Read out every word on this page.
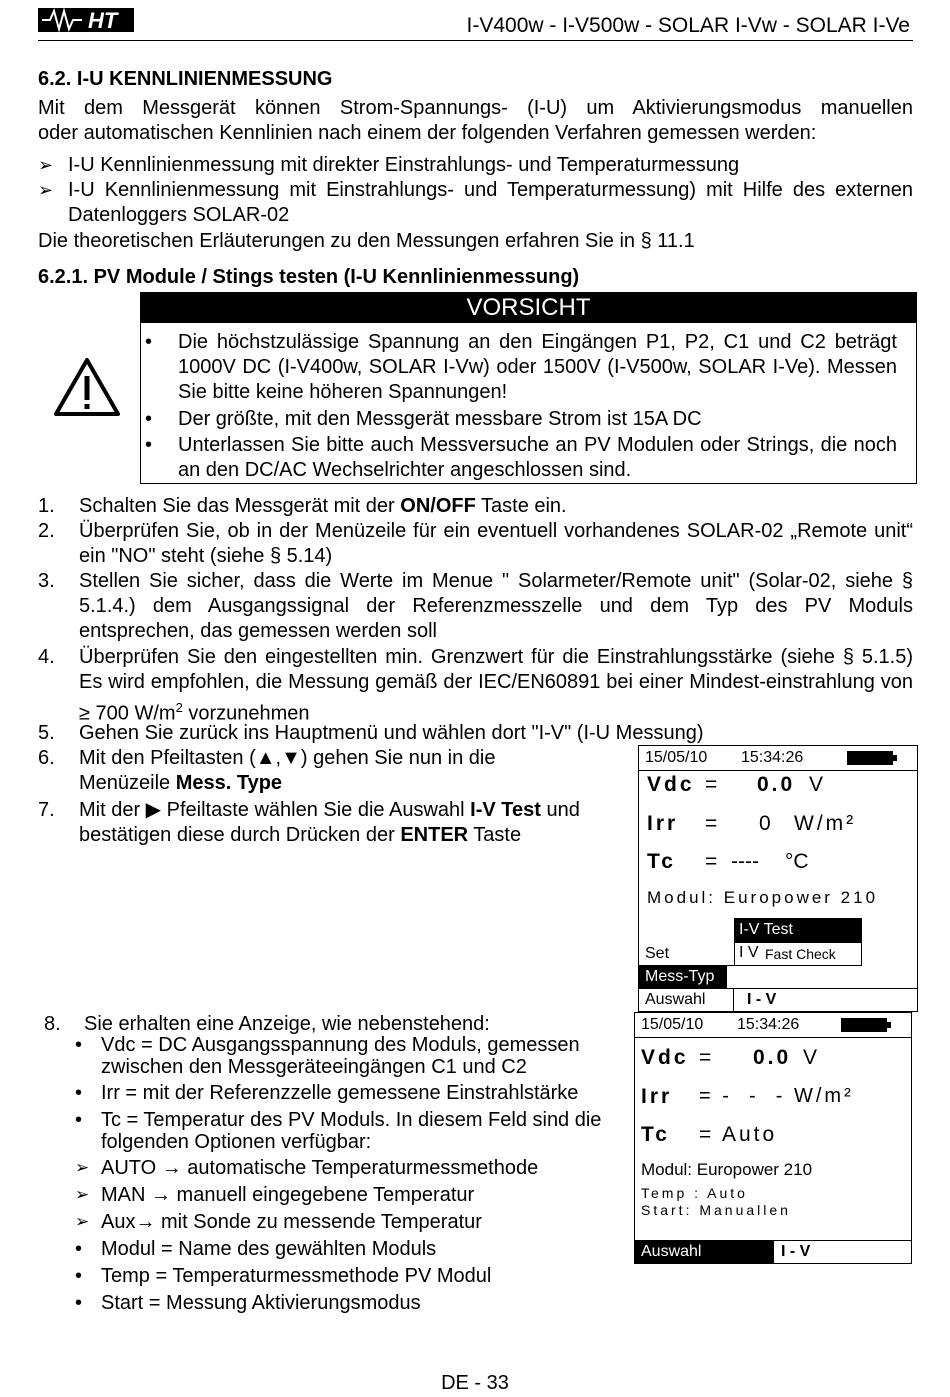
HT	I-V400w - I-V500w - SOLAR I-Vw - SOLAR I-Ve
6.2. I-U KENNLINIENMESSUNG
Mit dem Messgerät können Strom-Spannungs- (I-U) um Aktivierungsmodus manuellen
oder automatischen Kennlinien nach einem der folgenden Verfahren gemessen werden:
➢ I-U Kennlinienmessung mit direkter Einstrahlungs- und Temperaturmessung
➢ I-U Kennlinienmessung mit Einstrahlungs- und Temperaturmessung) mit Hilfe des externen Datenloggers SOLAR-02
Die theoretischen Erläuterungen zu den Messungen erfahren Sie in § 11.1
6.2.1. PV Module / Stings testen (I-U Kennlinienmessung)
VORSICHT
• Die höchstzulässige Spannung an den Eingängen P1, P2, C1 und C2 beträgt 1000V DC (I-V400w, SOLAR I-Vw) oder 1500V (I-V500w, SOLAR I-Ve). Messen Sie bitte keine höheren Spannungen!
• Der größte, mit den Messgerät messbare Strom ist 15A DC
• Unterlassen Sie bitte auch Messversuche an PV Modulen oder Strings, die noch an den DC/AC Wechselrichter angeschlossen sind.
1. Schalten Sie das Messgerät mit der ON/OFF Taste ein.
2. Überprüfen Sie, ob in der Menüzeile für ein eventuell vorhandenes SOLAR-02 „Remote unit“ ein "NO" steht (siehe § 5.14)
3. Stellen Sie sicher, dass die Werte im Menue " Solarmeter/Remote unit" (Solar-02, siehe § 5.1.4.) dem Ausgangssignal der Referenzmesszelle und dem Typ des PV Moduls entsprechen, das gemessen werden soll
4. Überprüfen Sie den eingestellten min. Grenzwert für die Einstrahlungsstärke (siehe § 5.1.5) Es wird empfohlen, die Messung gemäß der IEC/EN60891 bei einer Mindest-einstrahlung von ≥ 700 $W/m^2$ vorzunehmen
5. Gehen Sie zurück ins Hauptmenü und wählen dort "I-V" (I-U Messung)
6. Mit den Pfeiltasten (▲,▼) gehen Sie nun in die
Menüzeile Mess. Type
7. Mit der ▶ Pfeiltaste wählen Sie die Auswahl I-V Test und
bestätigen diese durch Drücken der ENTER Taste
15/05/10 15:34:26
Vdc = 0.0 V
Irr = 0 W/m²
Tc = ---- °C
Modul: Europower 210
I-V Test
I V Fast Check
Set
Mess-Typ
Auswahl	I - V
8. Sie erhalten eine Anzeige, wie nebenstehend:
• Vdc = DC Ausgangsspannung des Moduls, gemessen zwischen den Messgeräteeingängen C1 und C2
• Irr = mit der Referenzzelle gemessene Einstrahlstärke
• Tc = Temperatur des PV Moduls. In diesem Feld sind die folgenden Optionen verfügbar:
➢ AUTO → automatische Temperaturmessmethode
➢ MAN → manuell eingegebene Temperatur
➢ Aux→ mit Sonde zu messende Temperatur
• Modul = Name des gewählten Moduls
• Temp = Temperaturmessmethode PV Modul
• Start = Messung Aktivierungsmodus
15/05/10 15:34:26
Vdc = 0.0 V
Irr = -  -  - W/m²
Tc = Auto
Modul: Europower 210
Temp : Auto
Start: Manuallen
Auswahl	I - V
DE - 33
